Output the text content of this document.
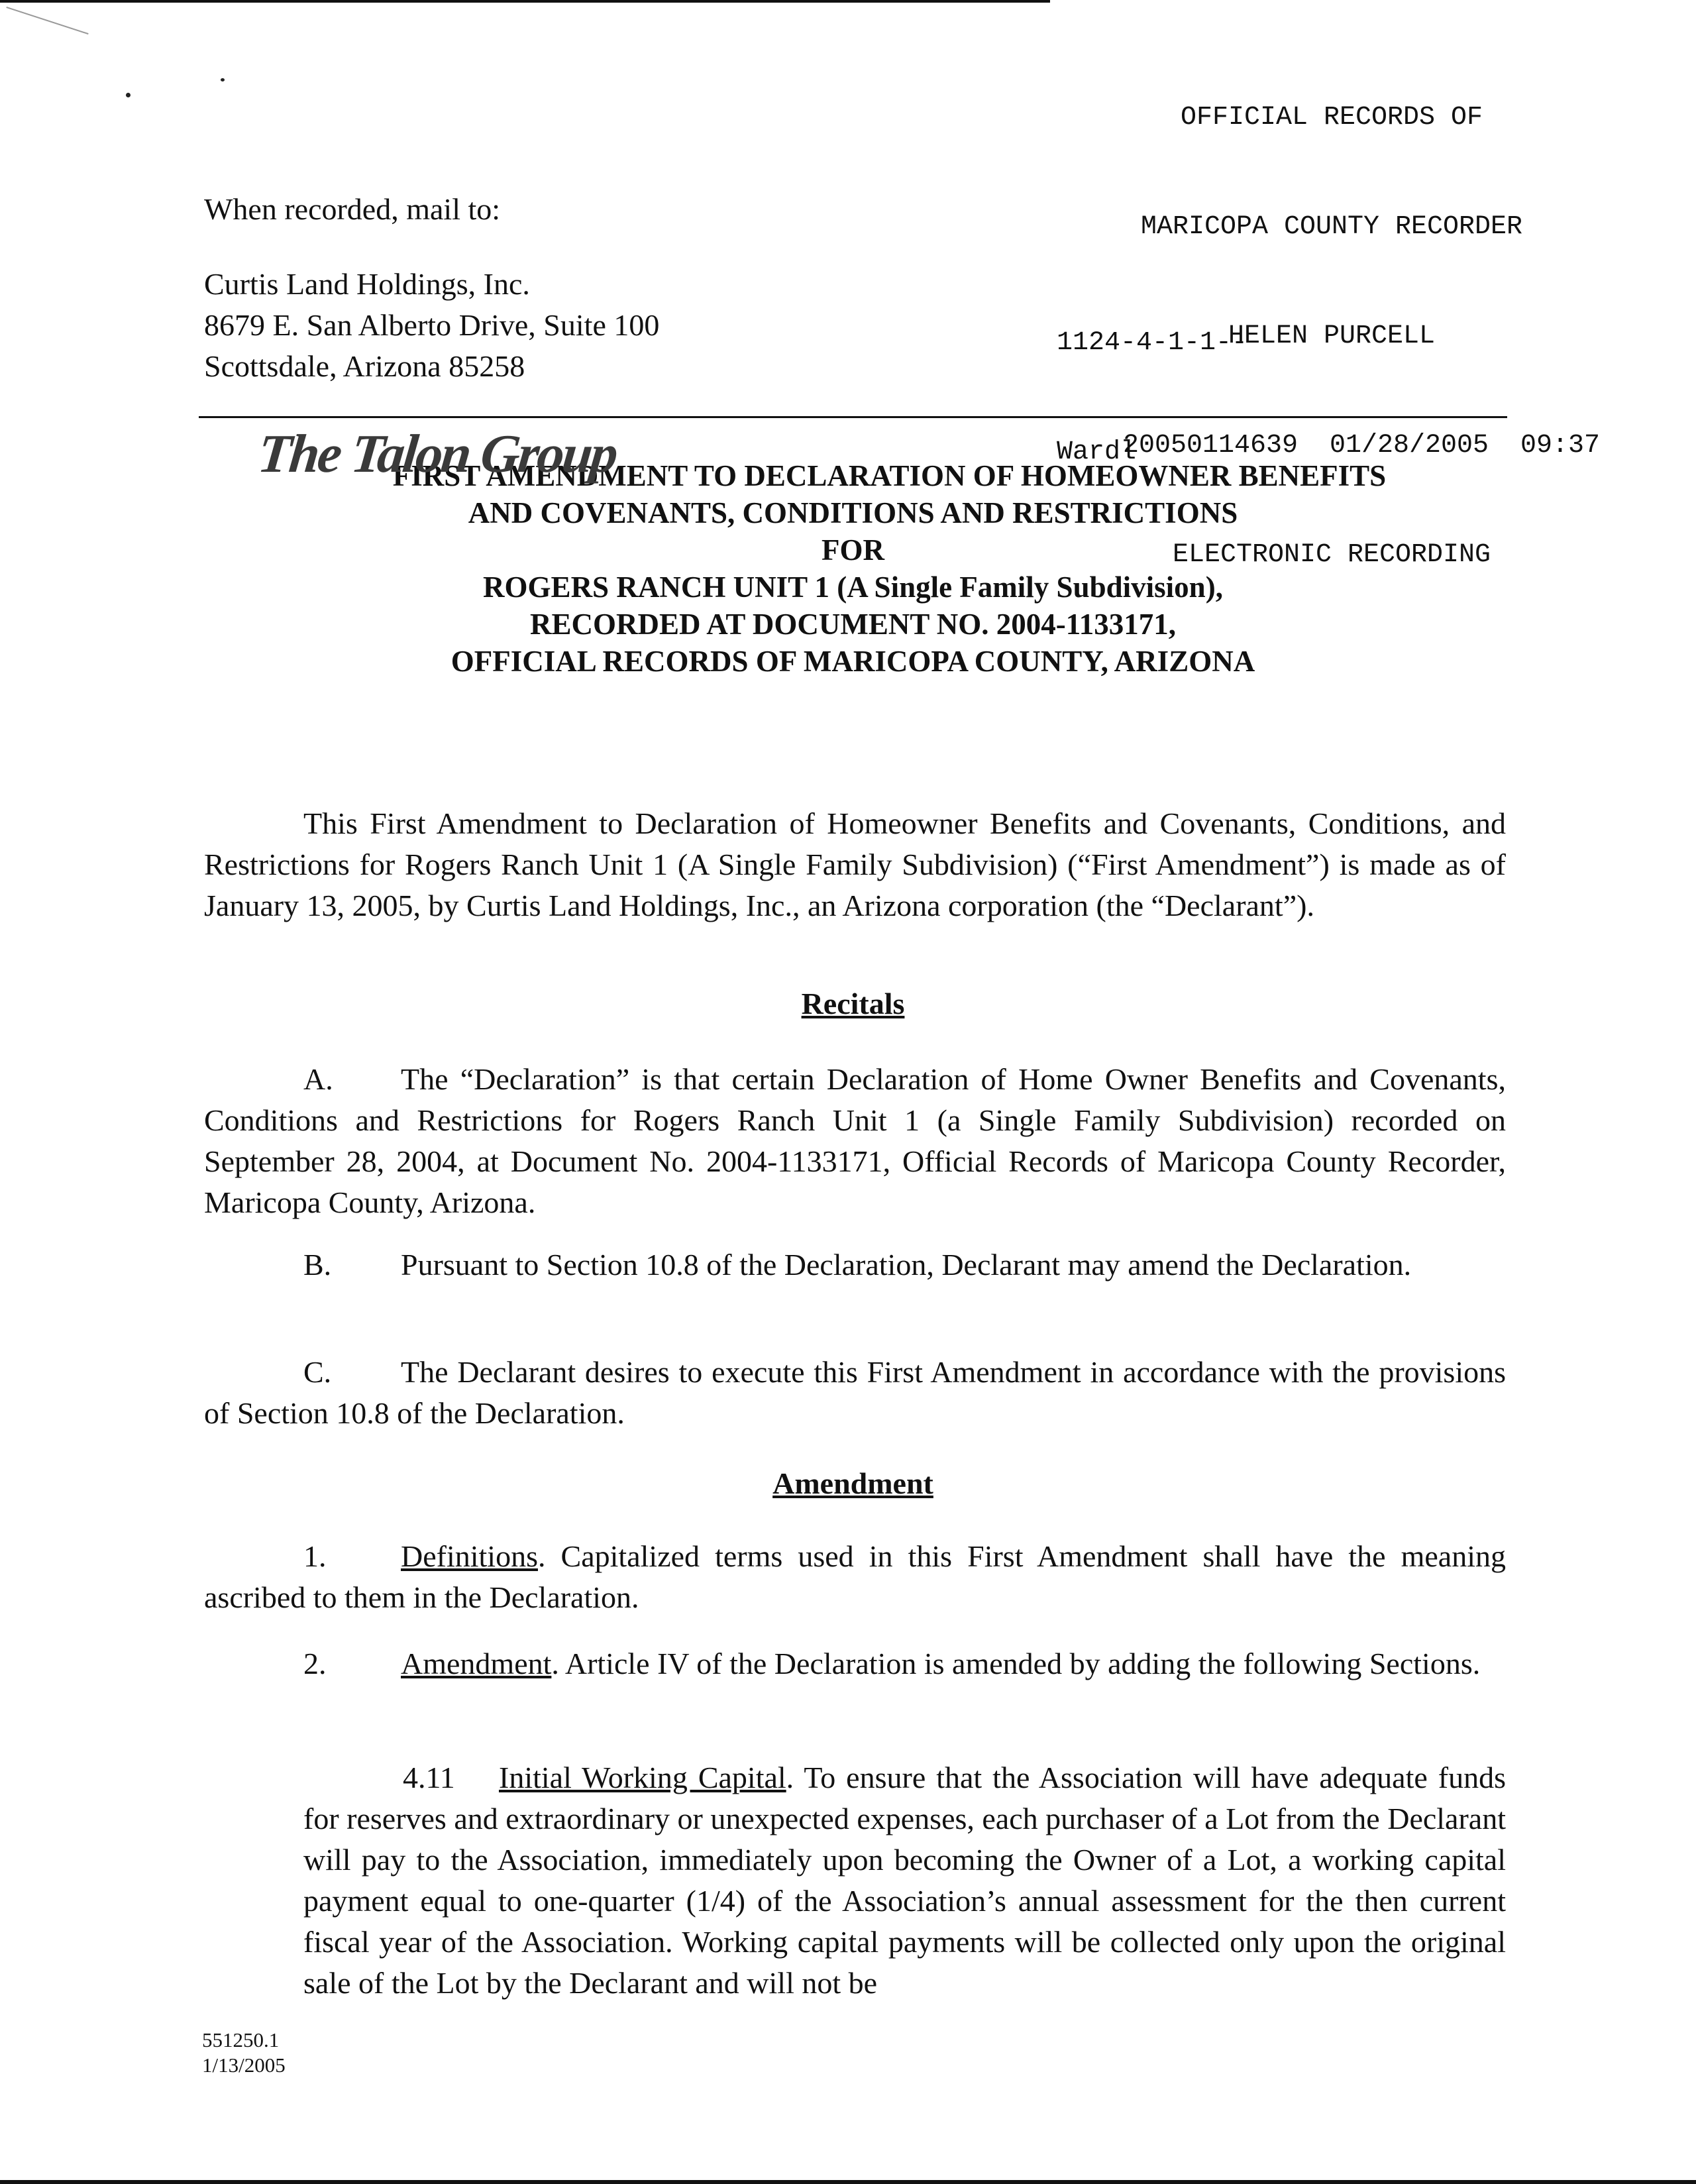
OFFICIAL RECORDS OF

MARICOPA COUNTY RECORDER

HELEN PURCELL

20050114639  01/28/2005  09:37

ELECTRONIC RECORDING

1124-4-1-1--

Wardl

When recorded, mail to:
Curtis Land Holdings, Inc.
8679 E. San Alberto Drive, Suite 100
Scottsdale, Arizona 85258
FIRST AMENDMENT TO DECLARATION OF HOMEOWNER BENEFITS
AND COVENANTS, CONDITIONS AND RESTRICTIONS
FOR
ROGERS RANCH UNIT 1 (A Single Family Subdivision),
RECORDED AT DOCUMENT NO. 2004-1133171,
OFFICIAL RECORDS OF MARICOPA COUNTY, ARIZONA
The Talon Group
This First Amendment to Declaration of Homeowner Benefits and Covenants, Conditions, and Restrictions for Rogers Ranch Unit 1 (A Single Family Subdivision) (“First Amendment”) is made as of January 13, 2005, by Curtis Land Holdings, Inc., an Arizona corporation (the “Declarant”).
Recitals
A. The “Declaration” is that certain Declaration of Home Owner Benefits and Covenants, Conditions and Restrictions for Rogers Ranch Unit 1 (a Single Family Subdivision) recorded on September 28, 2004, at Document No. 2004-1133171, Official Records of Maricopa County Recorder, Maricopa County, Arizona.
B. Pursuant to Section 10.8 of the Declaration, Declarant may amend the Declaration.
C. The Declarant desires to execute this First Amendment in accordance with the provisions of Section 10.8 of the Declaration.
Amendment
1. Definitions. Capitalized terms used in this First Amendment shall have the meaning ascribed to them in the Declaration.
2. Amendment. Article IV of the Declaration is amended by adding the following Sections.
4.11 Initial Working Capital. To ensure that the Association will have adequate funds for reserves and extraordinary or unexpected expenses, each purchaser of a Lot from the Declarant will pay to the Association, immediately upon becoming the Owner of a Lot, a working capital payment equal to one-quarter (1/4) of the Association’s annual assessment for the then current fiscal year of the Association. Working capital payments will be collected only upon the original sale of the Lot by the Declarant and will not be
551250.1
1/13/2005
